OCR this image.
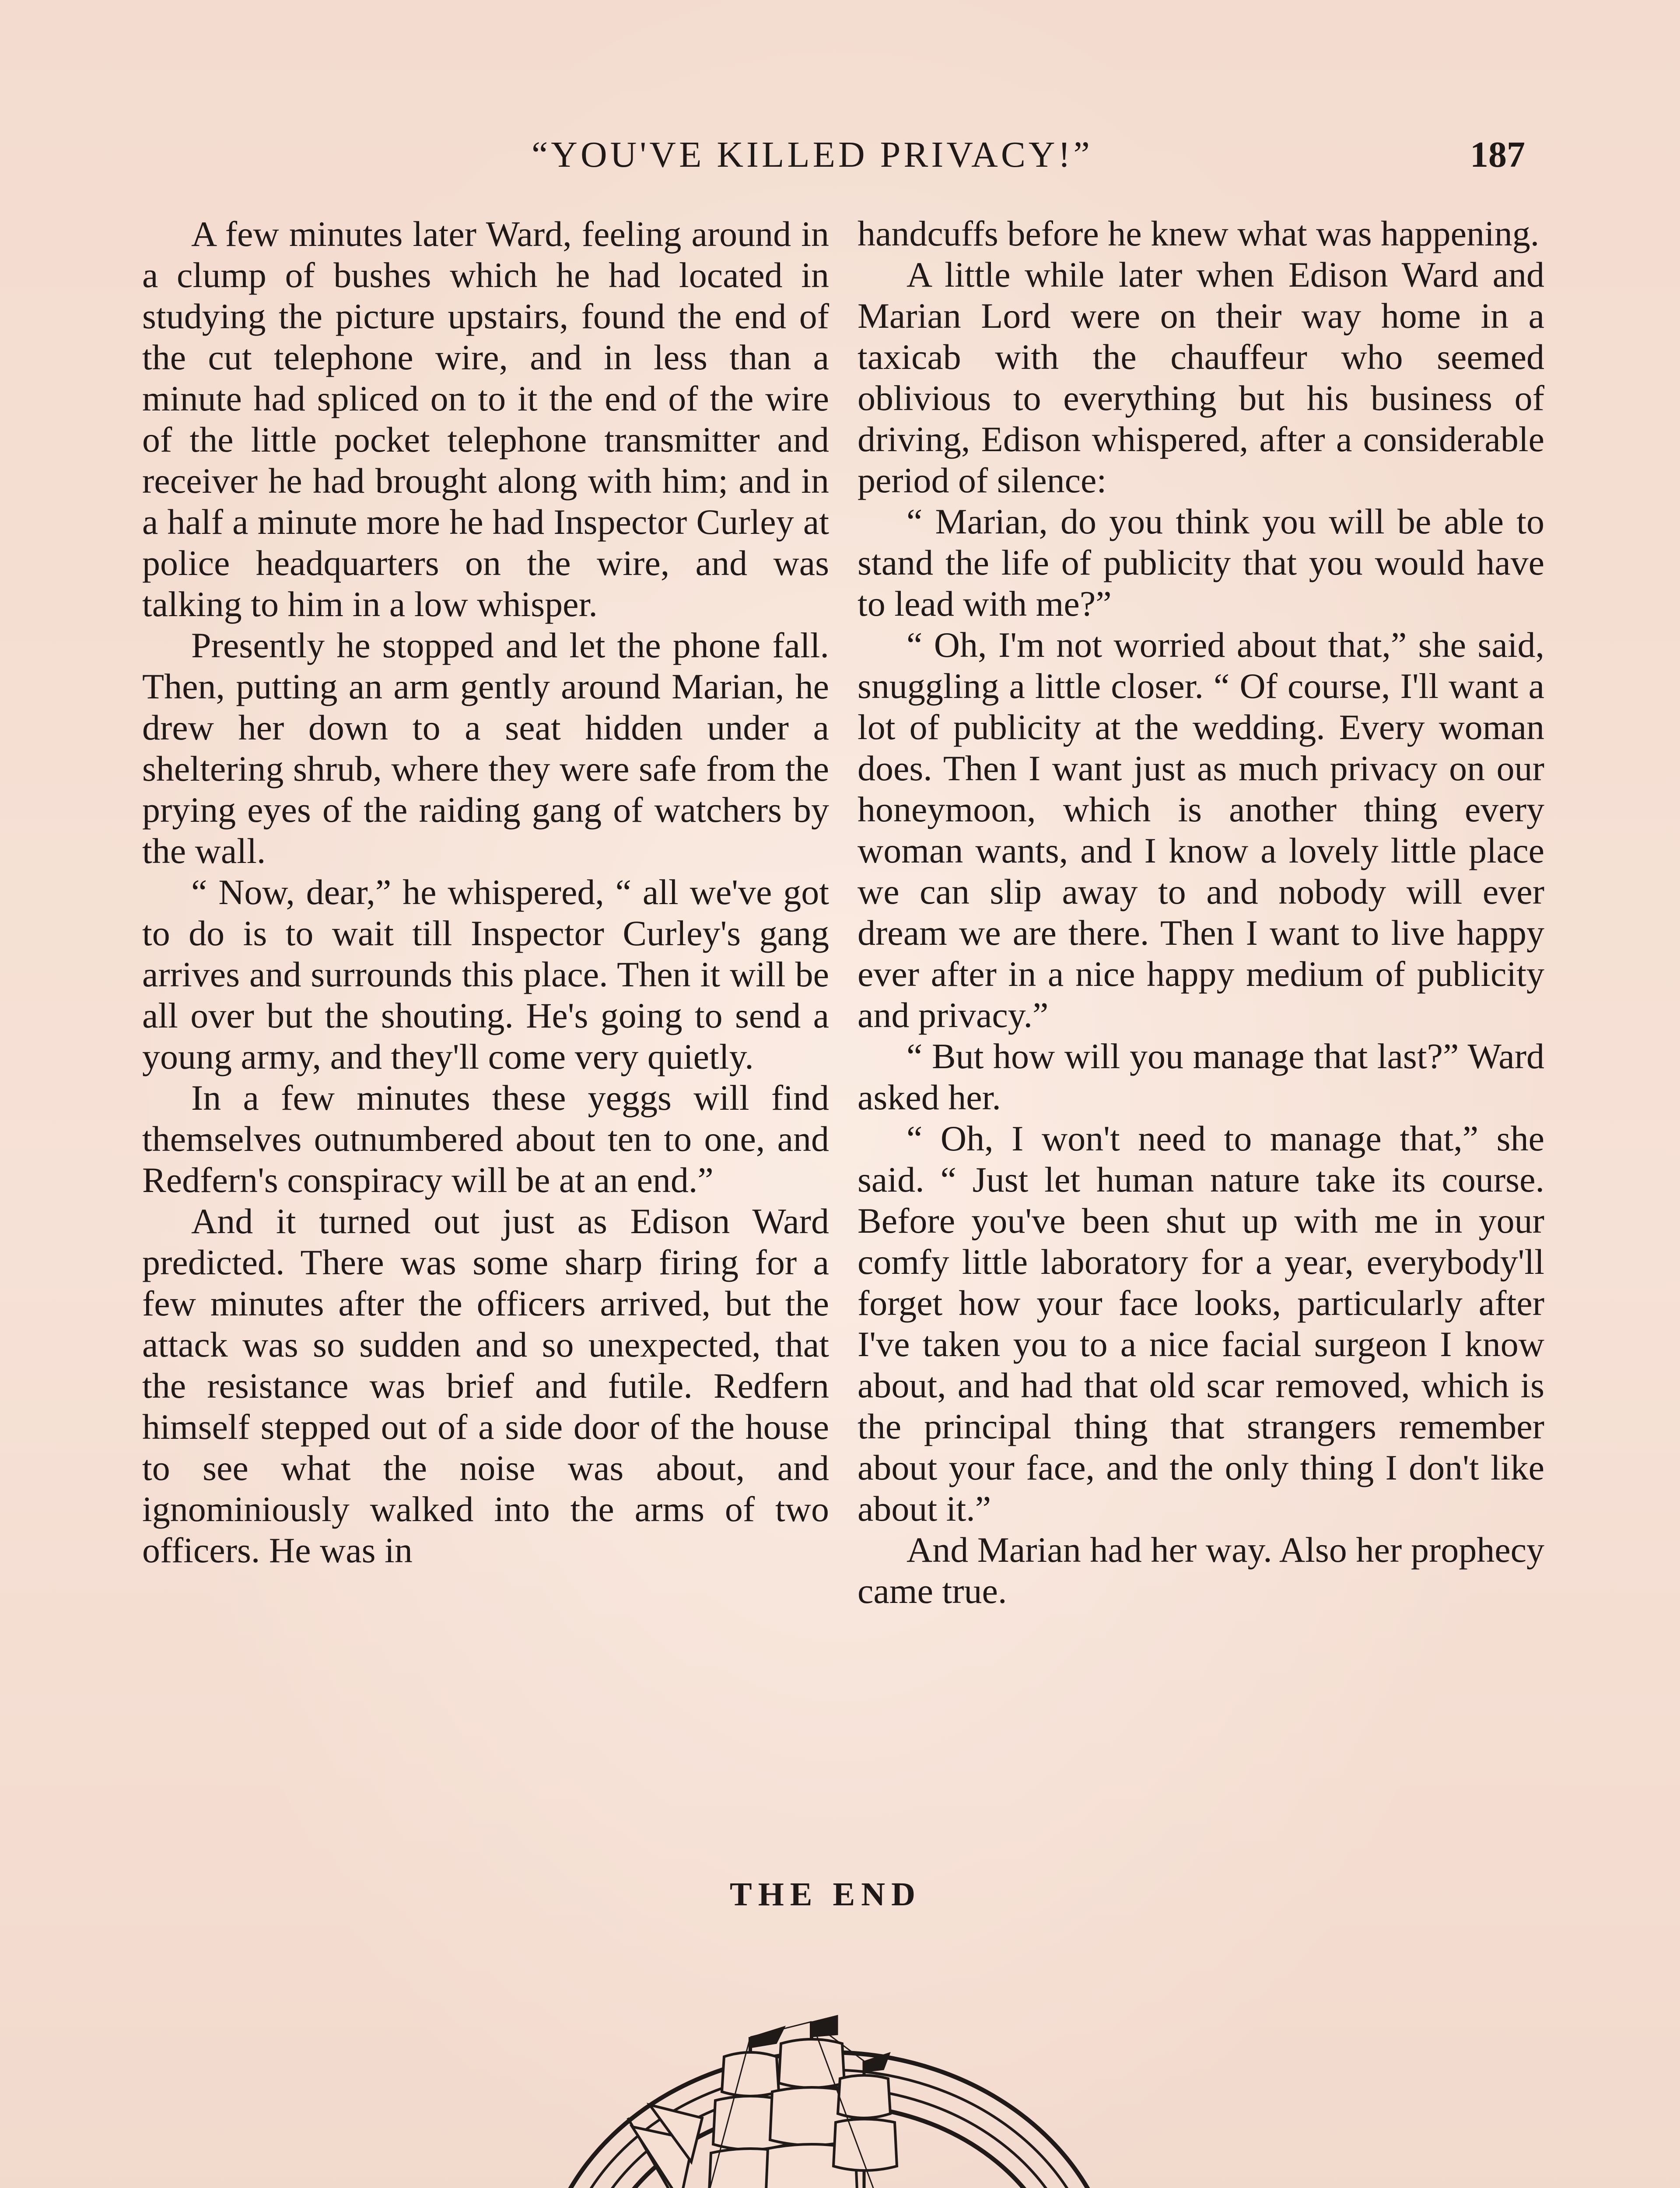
“YOU'VE KILLED PRIVACY!”	187

A few minutes later Ward, feeling around in a clump of bushes which he had located in studying the picture upstairs, found the end of the cut telephone wire, and in less than a minute had spliced on to it the end of the wire of the little pocket telephone transmitter and receiver he had brought along with him; and in a half a minute more he had Inspector Curley at police headquarters on the wire, and was talking to him in a low whisper.

Presently he stopped and let the phone fall. Then, putting an arm gently around Marian, he drew her down to a seat hidden under a sheltering shrub, where they were safe from the prying eyes of the raiding gang of watchers by the wall.

“ Now, dear,” he whispered, “ all we've got to do is to wait till Inspector Curley's gang arrives and surrounds this place. Then it will be all over but the shouting. He's going to send a young army, and they'll come very quietly.

In a few minutes these yeggs will find themselves outnumbered about ten to one, and Redfern's conspiracy will be at an end.”

And it turned out just as Edison Ward predicted. There was some sharp firing for a few minutes after the officers arrived, but the attack was so sudden and so unexpected, that the resistance was brief and futile. Redfern himself stepped out of a side door of the house to see what the noise was about, and ignominiously walked into the arms of two officers. He was in

handcuffs before he knew what was happening.

A little while later when Edison Ward and Marian Lord were on their way home in a taxicab with the chauffeur who seemed oblivious to everything but his business of driving, Edison whispered, after a considerable period of silence:

“ Marian, do you think you will be able to stand the life of publicity that you would have to lead with me?”

“ Oh, I'm not worried about that,” she said, snuggling a little closer. “ Of course, I'll want a lot of publicity at the wedding. Every woman does. Then I want just as much privacy on our honeymoon, which is another thing every woman wants, and I know a lovely little place we can slip away to and nobody will ever dream we are there. Then I want to live happy ever after in a nice happy medium of publicity and privacy.”

“ But how will you manage that last?” Ward asked her.

“ Oh, I won't need to manage that,” she said. “ Just let human nature take its course. Before you've been shut up with me in your comfy little laboratory for a year, everybody'll forget how your face looks, particularly after I've taken you to a nice facial surgeon I know about, and had that old scar removed, which is the principal thing that strangers remember about your face, and the only thing I don't like about it.”

And Marian had her way. Also her prophecy came true.

THE END
